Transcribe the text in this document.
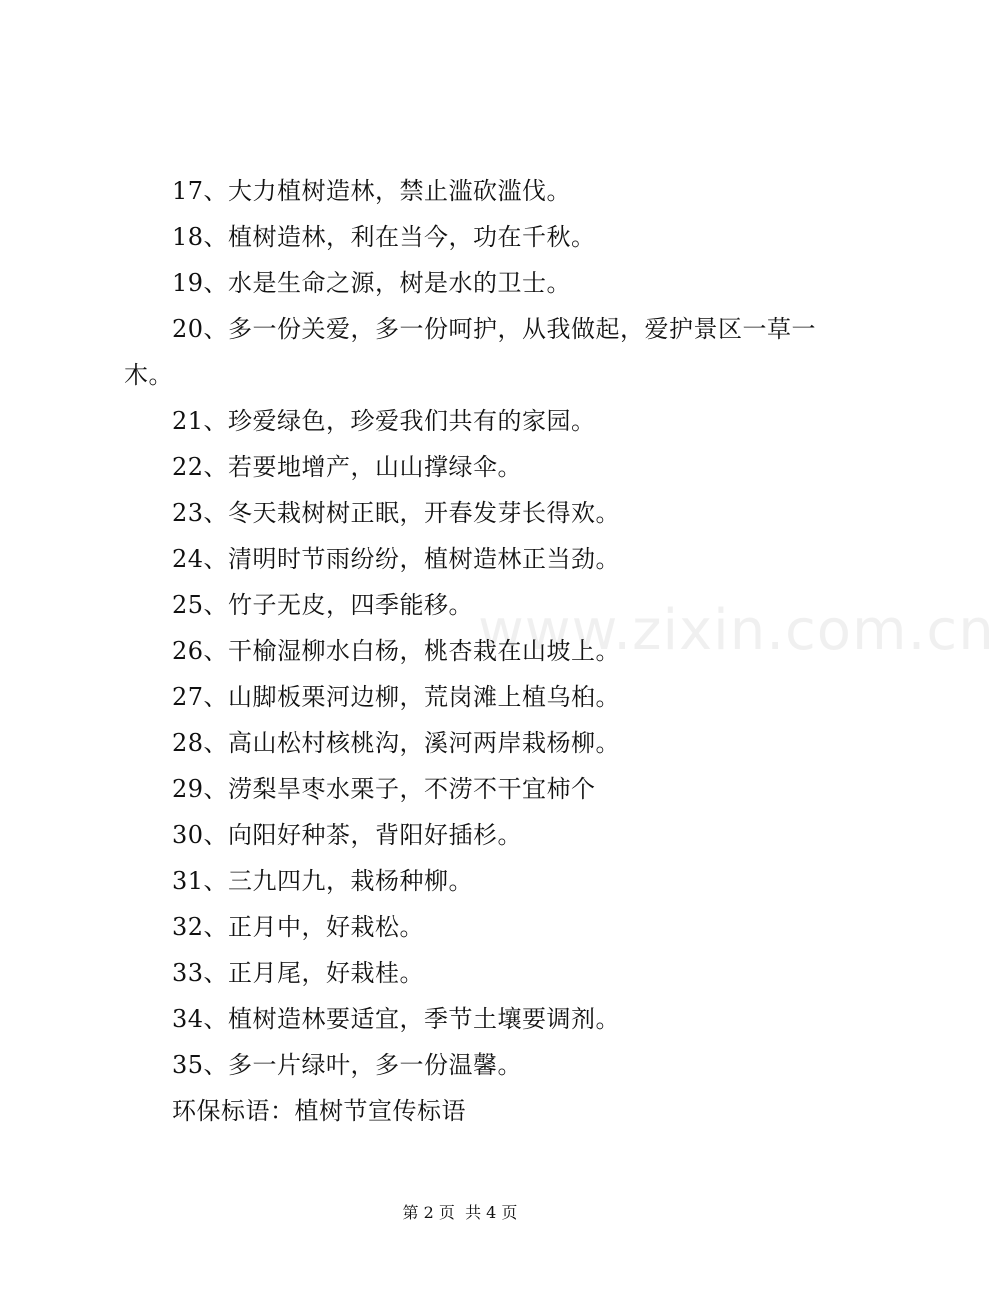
17、大力植树造林，禁止滥砍滥伐。
18、植树造林，利在当今，功在千秋。
19、水是生命之源，树是水的卫士。
20、多一份关爱，多一份呵护，从我做起，爱护景区一草一
木。
21、珍爱绿色，珍爱我们共有的家园。
22、若要地增产，山山撑绿伞。
23、冬天栽树树正眠，开春发芽长得欢。
24、清明时节雨纷纷，植树造林正当劲。
25、竹子无皮，四季能移。
26、干榆湿柳水白杨，桃杏栽在山坡上。
27、山脚板栗河边柳，荒岗滩上植乌桕。
28、高山松村核桃沟，溪河两岸栽杨柳。
29、涝梨旱枣水栗子，不涝不干宜柿个
30、向阳好种茶，背阳好插杉。
31、三九四九，栽杨种柳。
32、正月中，好栽松。
33、正月尾，好栽桂。
34、植树造林要适宜，季节土壤要调剂。
35、多一片绿叶，多一份温馨。
环保标语：植树节宣传标语
www.zixin.com.cn
第 2 页  共 4 页
